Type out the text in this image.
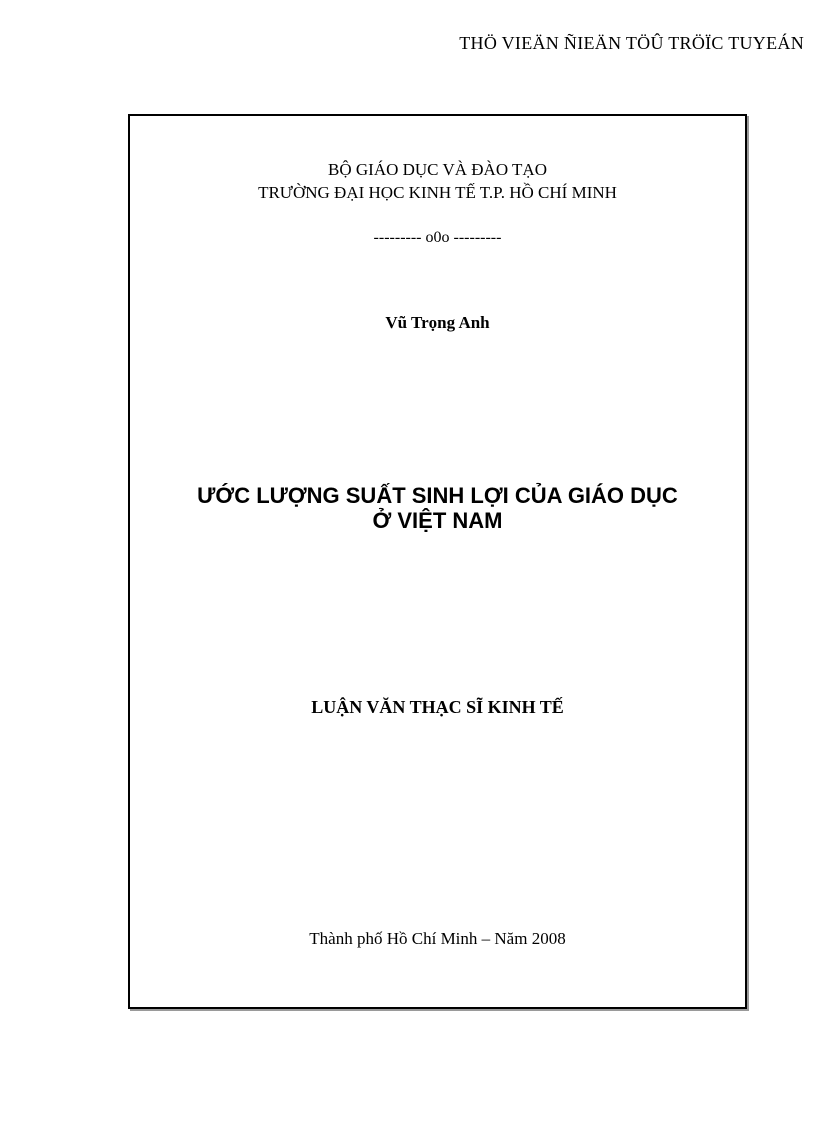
THÖ VIEÄN ÑIEÄN TÖÛ TRÖÏC TUYEÁN
BỘ GIÁO DỤC VÀ ĐÀO TẠO
TRƯỜNG ĐẠI HỌC KINH TẾ T.P. HỒ CHÍ MINH
--------- o0o ---------
Vũ Trọng Anh
ƯỚC LƯỢNG SUẤT SINH LỢI CỦA GIÁO DỤC
Ở VIỆT NAM
LUẬN VĂN THẠC SĨ KINH TẾ
Thành phố Hồ Chí Minh – Năm 2008
